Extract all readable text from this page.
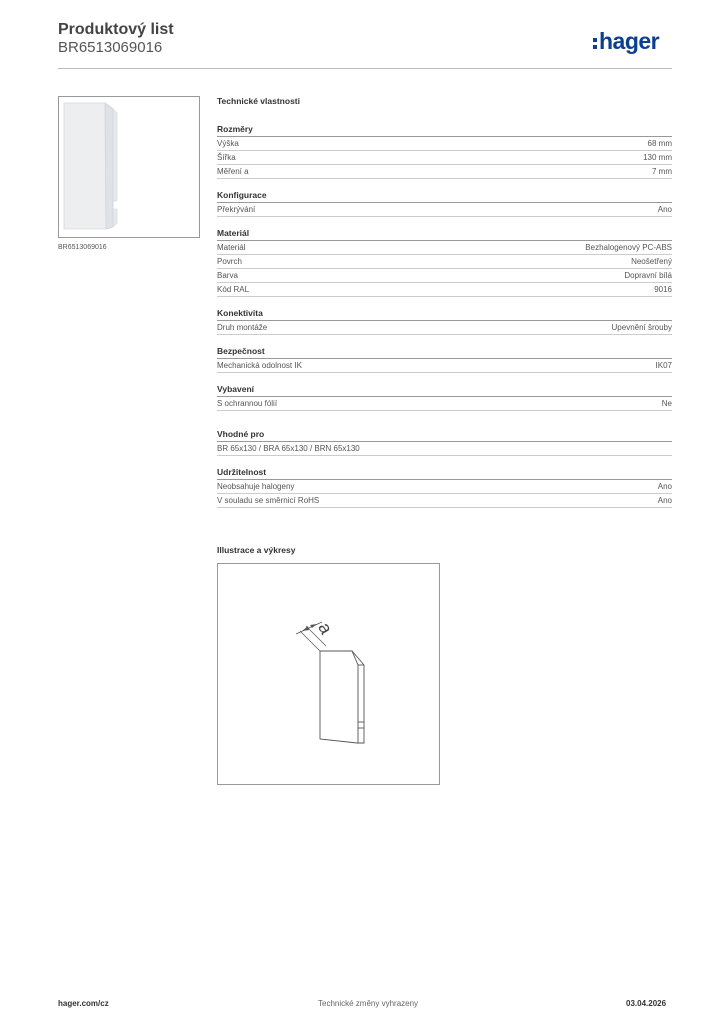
Produktový list
BR6513069016	hager
BR6513069016
Technické vlastnosti
Rozměry
Výška	68 mm
Šířka	130 mm
Měření a	7 mm
Konfigurace
Překrývání	Ano
Materiál
Materiál	Bezhalogenový PC-ABS
Povrch	Neošetřený
Barva	Dopravní bílá
Kód RAL	9016
Konektivita
Druh montáže	Upevnění šrouby
Bezpečnost
Mechanická odolnost IK	IK07
Vybavení
S ochrannou fólií	Ne
Vhodné pro
BR 65x130 / BRA 65x130 / BRN 65x130
Udržitelnost
Neobsahuje halogeny	Ano
V souladu se směrnicí RoHS	Ano
Illustrace a výkresy
a
hager.com/cz	Technické změny vyhrazeny	03.04.2026
